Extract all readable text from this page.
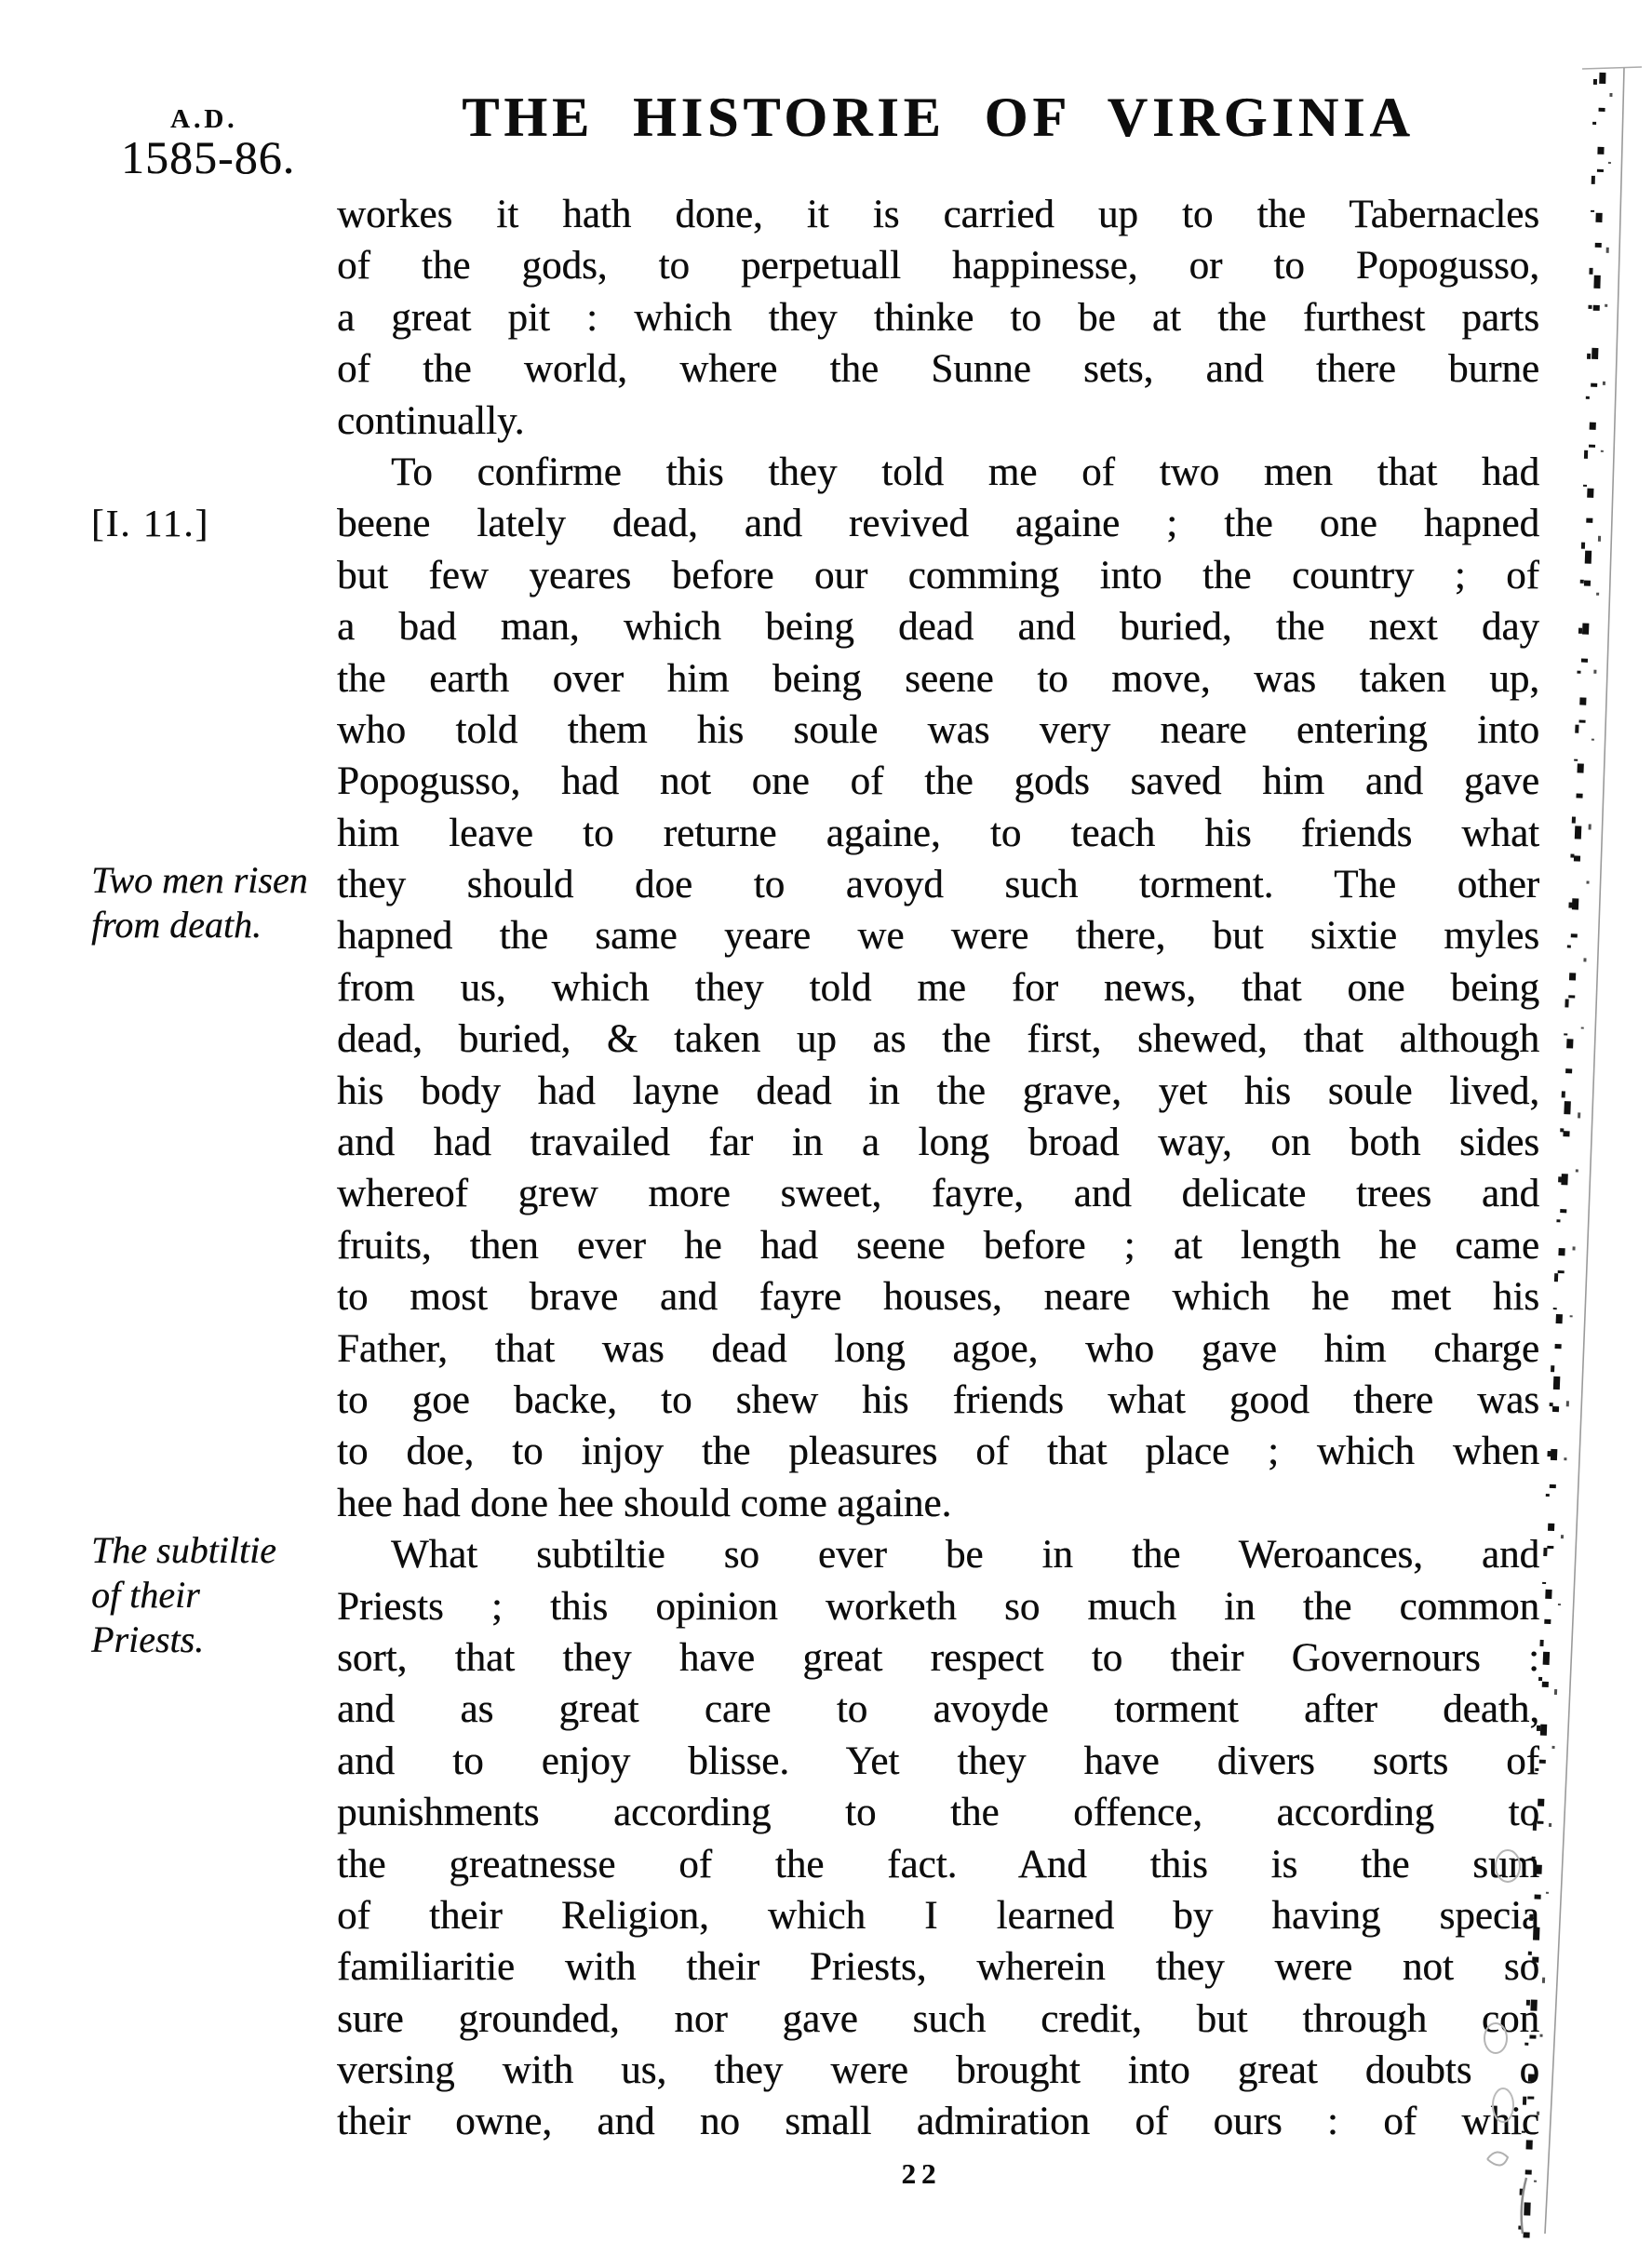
A.D.
1585-86.
THE HISTORIE OF VIRGINIA
[I. 11.]
Two men risen
from death.
The subtiltie
of their
Priests.
workes it hath done, it is carried up to the Tabernacles
of the gods, to perpetuall happinesse, or to Popogusso,
a great pit : which they thinke to be at the furthest parts
of the world, where the Sunne sets, and there burne
continually.
To confirme this they told me of two men that had
beene lately dead, and revived againe ; the one hapned
but few yeares before our comming into the country ; of
a bad man, which being dead and buried, the next day
the earth over him being seene to move, was taken up,
who told them his soule was very neare entering into
Popogusso, had not one of the gods saved him and gave
him leave to returne againe, to teach his friends what
they should doe to avoyd such torment. The other
hapned the same yeare we were there, but sixtie myles
from us, which they told me for news, that one being
dead, buried, & taken up as the first, shewed, that although
his body had layne dead in the grave, yet his soule lived,
and had travailed far in a long broad way, on both sides
whereof grew more sweet, fayre, and delicate trees and
fruits, then ever he had seene before ; at length he came
to most brave and fayre houses, neare which he met his
Father, that was dead long agoe, who gave him charge
to goe backe, to shew his friends what good there was
to doe, to injoy the pleasures of that place ; which when
hee had done hee should come againe.
What subtiltie so ever be in the Weroances, and
Priests ; this opinion worketh so much in the common
sort, that they have great respect to their Governours :
and as great care to avoyde torment after death,
and to enjoy blisse. Yet they have divers sorts of
punishments according to the offence, according to
the greatnesse of the fact. And this is the sum
of their Religion, which I learned by having specia
familiaritie with their Priests, wherein they were not so
sure grounded, nor gave such credit, but through con
versing with us, they were brought into great doubts o
their owne, and no small admiration of ours : of whic
22
